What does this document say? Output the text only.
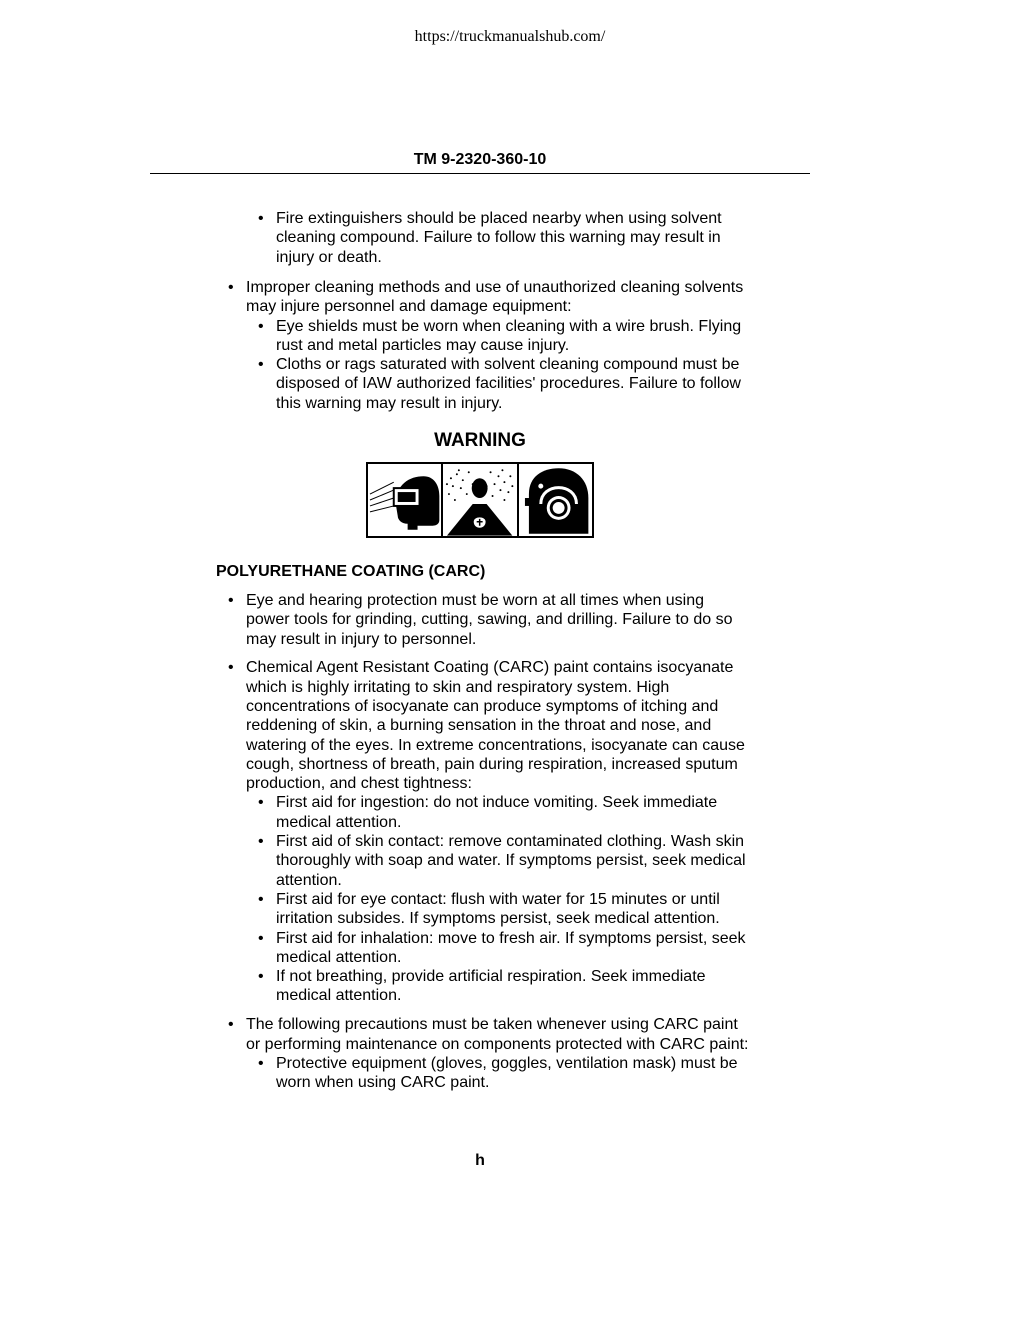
https://truckmanualshub.com/
TM 9-2320-360-10
• Fire extinguishers should be placed nearby when using solvent cleaning compound. Failure to follow this warning may result in injury or death.
• Improper cleaning methods and use of unauthorized cleaning solvents may injure personnel and damage equipment:
• Eye shields must be worn when cleaning with a wire brush. Flying rust and metal particles may cause injury.
• Cloths or rags saturated with solvent cleaning compound must be disposed of IAW authorized facilities' procedures. Failure to follow this warning may result in injury.
WARNING
POLYURETHANE COATING (CARC)
• Eye and hearing protection must be worn at all times when using power tools for grinding, cutting, sawing, and drilling. Failure to do so may result in injury to personnel.
• Chemical Agent Resistant Coating (CARC) paint contains isocyanate which is highly irritating to skin and respiratory system. High concentrations of isocyanate can produce symptoms of itching and reddening of skin, a burning sensation in the throat and nose, and watering of the eyes. In extreme concentrations, isocyanate can cause cough, shortness of breath, pain during respiration, increased sputum production, and chest tightness:
• First aid for ingestion: do not induce vomiting. Seek immediate medical attention.
• First aid of skin contact: remove contaminated clothing. Wash skin thoroughly with soap and water. If symptoms persist, seek medical attention.
• First aid for eye contact: flush with water for 15 minutes or until irritation subsides. If symptoms persist, seek medical attention.
• First aid for inhalation: move to fresh air. If symptoms persist, seek medical attention.
• If not breathing, provide artificial respiration. Seek immediate medical attention.
• The following precautions must be taken whenever using CARC paint or performing maintenance on components protected with CARC paint:
• Protective equipment (gloves, goggles, ventilation mask) must be worn when using CARC paint.
h
